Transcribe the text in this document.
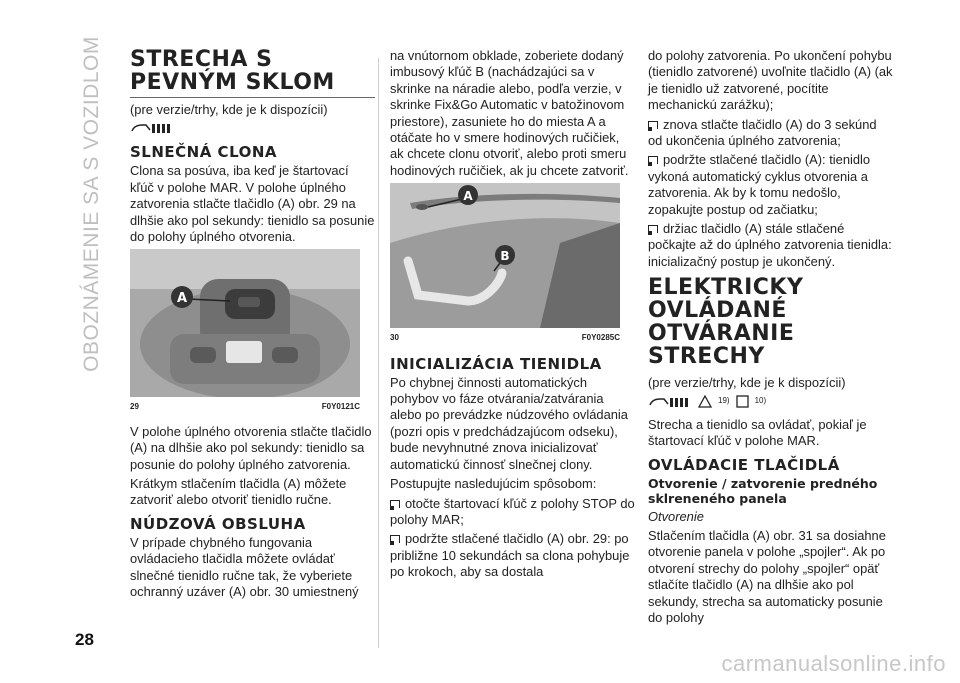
OBOZNÁMENIE SA S VOZIDLOM
28
carmanualsonline.info
STRECHA S PEVNÝM SKLOM

(pre verzie/trhy, kde je k dispozícii)

SLNEČNÁ CLONA

Clona sa posúva, iba keď je štartovací kľúč v polohe MAR. V polohe úplného zatvorenia stlačte tlačidlo (A) obr. 29 na dlhšie ako pol sekundy: tienidlo sa posunie do polohy úplného otvorenia.

A
29	F0Y0121C

V polohe úplného otvorenia stlačte tlačidlo (A) na dlhšie ako pol sekundy: tienidlo sa posunie do polohy úplného zatvorenia.

Krátkym stlačením tlačidla (A) môžete zatvoriť alebo otvoriť tienidlo ručne.

NÚDZOVÁ OBSLUHA

V prípade chybného fungovania ovládacieho tlačidla môžete ovládať slnečné tienidlo ručne tak, že vyberiete ochranný uzáver (A) obr. 30 umiestnený

na vnútornom obklade, zoberiete dodaný imbusový kľúč B (nachádzajúci sa v skrinke na náradie alebo, podľa verzie, v skrinke Fix&Go Automatic v batožinovom priestore), zasuniete ho do miesta A a otáčate ho v smere hodinových ručičiek, ak chcete clonu otvoriť, alebo proti smeru hodinových ručičiek, ak ju chcete zatvoriť.

A
B
30	F0Y0285C
INICIALIZÁCIA TIENIDLA

Po chybnej činnosti automatických pohybov vo fáze otvárania/zatvárania alebo po prevádzke núdzového ovládania (pozri opis v predchádzajúcom odseku), bude nevyhnutné znova inicializovať automatickú činnosť slnečnej clony.

Postupujte nasledujúcim spôsobom:

otočte štartovací kľúč z polohy STOP do polohy MAR;

podržte stlačené tlačidlo (A) obr. 29: po približne 10 sekundách sa clona pohybuje po krokoch, aby sa dostala

do polohy zatvorenia. Po ukončení pohybu (tienidlo zatvorené) uvoľnite tlačidlo (A) (ak je tienidlo už zatvorené, pocítite mechanickú zarážku);

znova stlačte tlačidlo (A) do 3 sekúnd od ukončenia úplného zatvorenia;

podržte stlačené tlačidlo (A): tienidlo vykoná automatický cyklus otvorenia a zatvorenia. Ak by k tomu nedošlo, zopakujte postup od začiatku;

držiac tlačidlo (A) stále stlačené počkajte až do úplného zatvorenia tienidla: inicializačný postup je ukončený.

ELEKTRICKY OVLÁDANÉ OTVÁRANIE STRECHY

(pre verzie/trhy, kde je k dispozícii)

19)	10)

Strecha a tienidlo sa ovládať, pokiaľ je štartovací kľúč v polohe MAR.

OVLÁDACIE TLAČIDLÁ
Otvorenie / zatvorenie predného sklreneného panela

Otvorenie

Stlačením tlačidla (A) obr. 31 sa dosiahne otvorenie panela v polohe „spojler“. Ak po otvorení strechy do polohy „spojler“ opäť stlačíte tlačidlo (A) na dlhšie ako pol sekundy, strecha sa automaticky posunie do polohy
